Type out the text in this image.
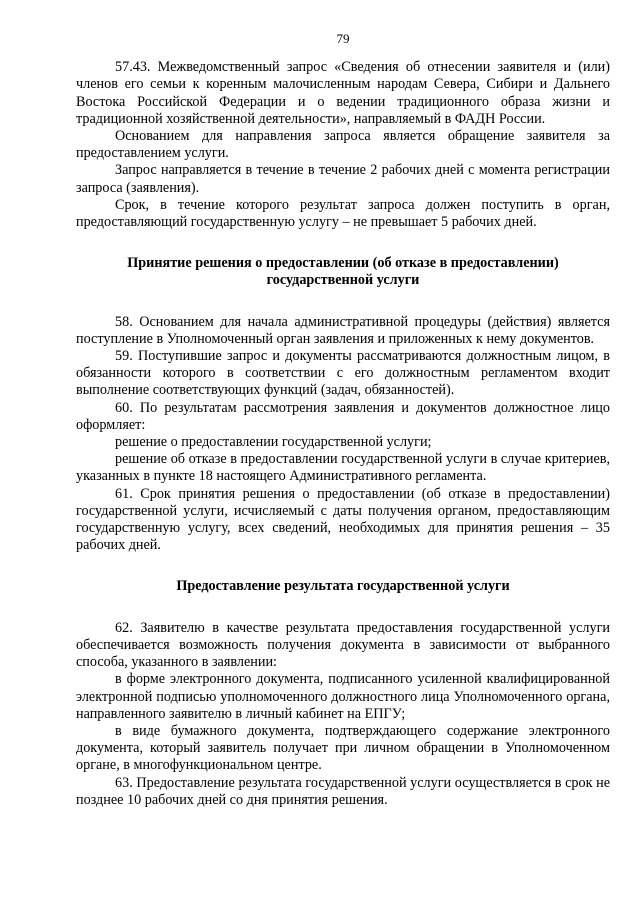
79

57.43. Межведомственный запрос «Сведения об отнесении заявителя и (или) членов его семьи к коренным малочисленным народам Севера, Сибири и Дальнего Востока Российской Федерации и о ведении традиционного образа жизни и традиционной хозяйственной деятельности», направляемый в ФАДН России.

Основанием для направления запроса является обращение заявителя за предоставлением услуги.

Запрос направляется в течение в течение 2 рабочих дней с момента регистрации запроса (заявления).

Срок, в течение которого результат запроса должен поступить в орган, предоставляющий государственную услугу – не превышает 5 рабочих дней.

Принятие решения о предоставлении (об отказе в предоставлении) государственной услуги

58. Основанием для начала административной процедуры (действия) является поступление в Уполномоченный орган заявления и приложенных к нему документов.

59. Поступившие запрос и документы рассматриваются должностным лицом, в обязанности которого в соответствии с его должностным регламентом входит выполнение соответствующих функций (задач, обязанностей).

60. По результатам рассмотрения заявления и документов должностное лицо оформляет:

решение о предоставлении государственной услуги;

решение об отказе в предоставлении государственной услуги в случае критериев, указанных в пункте 18 настоящего Административного регламента.

61. Срок принятия решения о предоставлении (об отказе в предоставлении) государственной услуги, исчисляемый с даты получения органом, предоставляющим государственную услугу, всех сведений, необходимых для принятия решения – 35 рабочих дней.

Предоставление результата государственной услуги

62. Заявителю в качестве результата предоставления государственной услуги обеспечивается возможность получения документа в зависимости от выбранного способа, указанного в заявлении:

в форме электронного документа, подписанного усиленной квалифицированной электронной подписью уполномоченного должностного лица Уполномоченного органа, направленного заявителю в личный кабинет на ЕПГУ;

в виде бумажного документа, подтверждающего содержание электронного документа, который заявитель получает при личном обращении в Уполномоченном органе, в многофункциональном центре.

63. Предоставление результата государственной услуги осуществляется в срок не позднее 10 рабочих дней со дня принятия решения.
